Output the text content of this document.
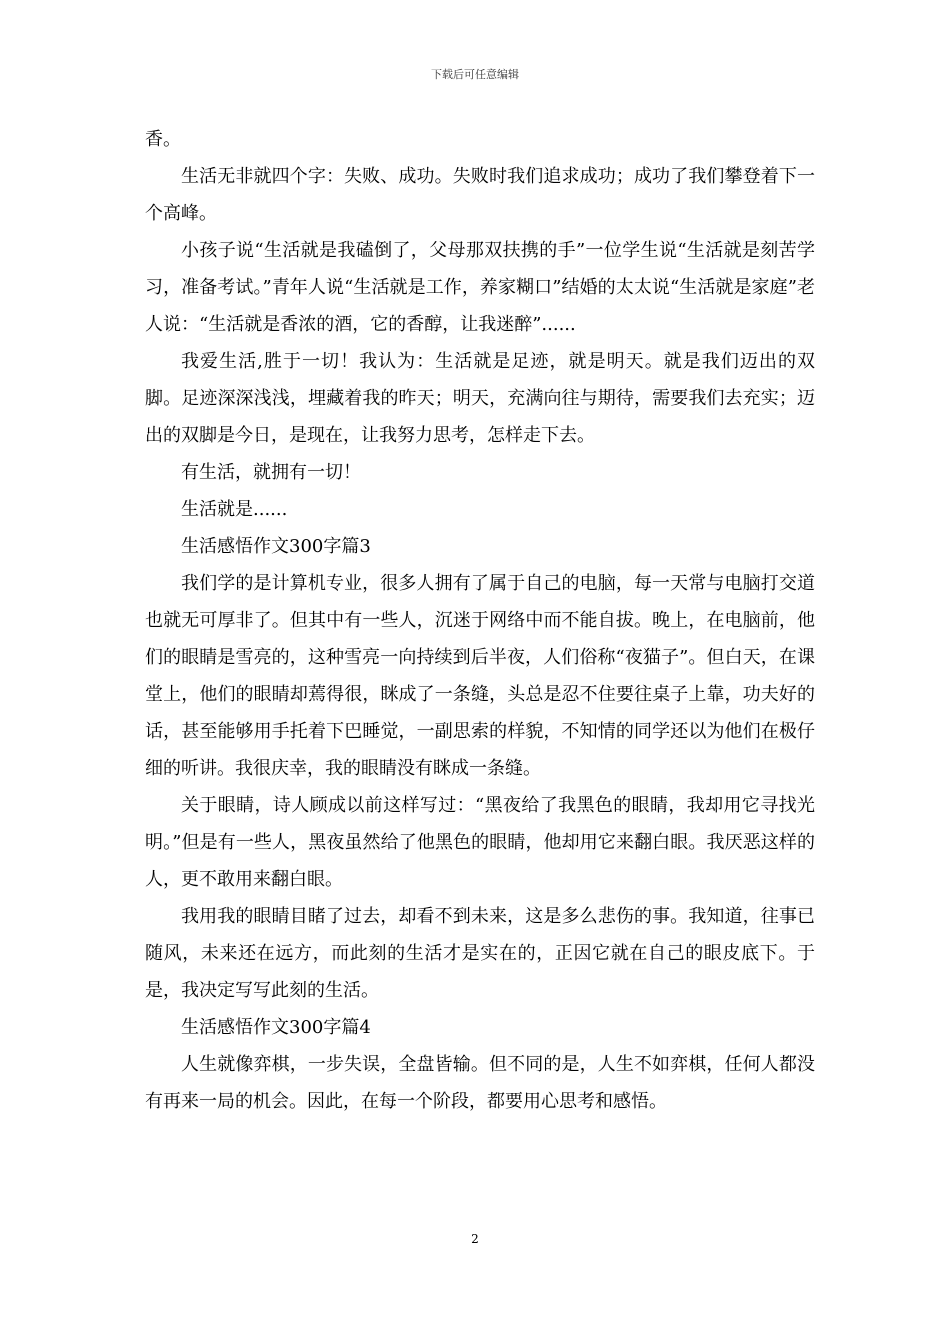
下载后可任意编辑

香。

生活无非就四个字：失败、成功。失败时我们追求成功；成功了我们攀登着下一个高峰。

小孩子说“生活就是我磕倒了，父母那双扶携的手”一位学生说“生活就是刻苦学习，准备考试。”青年人说“生活就是工作，养家糊口”结婚的太太说“生活就是家庭”老人说：“生活就是香浓的酒，它的香醇，让我迷醉”......

我爱生活,胜于一切！我认为：生活就是足迹，就是明天。就是我们迈出的双脚。足迹深深浅浅，埋藏着我的昨天；明天，充满向往与期待，需要我们去充实；迈出的双脚是今日，是现在，让我努力思考，怎样走下去。

有生活，就拥有一切！

生活就是......

生活感悟作文300字篇3

我们学的是计算机专业，很多人拥有了属于自己的电脑，每一天常与电脑打交道也就无可厚非了。但其中有一些人，沉迷于网络中而不能自拔。晚上，在电脑前，他们的眼睛是雪亮的，这种雪亮一向持续到后半夜，人们俗称“夜猫子”。但白天，在课堂上，他们的眼睛却蔫得很，眯成了一条缝，头总是忍不住要往桌子上靠，功夫好的话，甚至能够用手托着下巴睡觉，一副思索的样貌，不知情的同学还以为他们在极仔细的听讲。我很庆幸，我的眼睛没有眯成一条缝。

关于眼睛，诗人顾成以前这样写过：“黑夜给了我黑色的眼睛，我却用它寻找光明。”但是有一些人，黑夜虽然给了他黑色的眼睛，他却用它来翻白眼。我厌恶这样的人，更不敢用来翻白眼。

我用我的眼睛目睹了过去，却看不到未来，这是多么悲伤的事。我知道，往事已随风，未来还在远方，而此刻的生活才是实在的，正因它就在自己的眼皮底下。于是，我决定写写此刻的生活。

生活感悟作文300字篇4

人生就像弈棋，一步失误，全盘皆输。但不同的是，人生不如弈棋，任何人都没有再来一局的机会。因此，在每一个阶段，都要用心思考和感悟。

2
